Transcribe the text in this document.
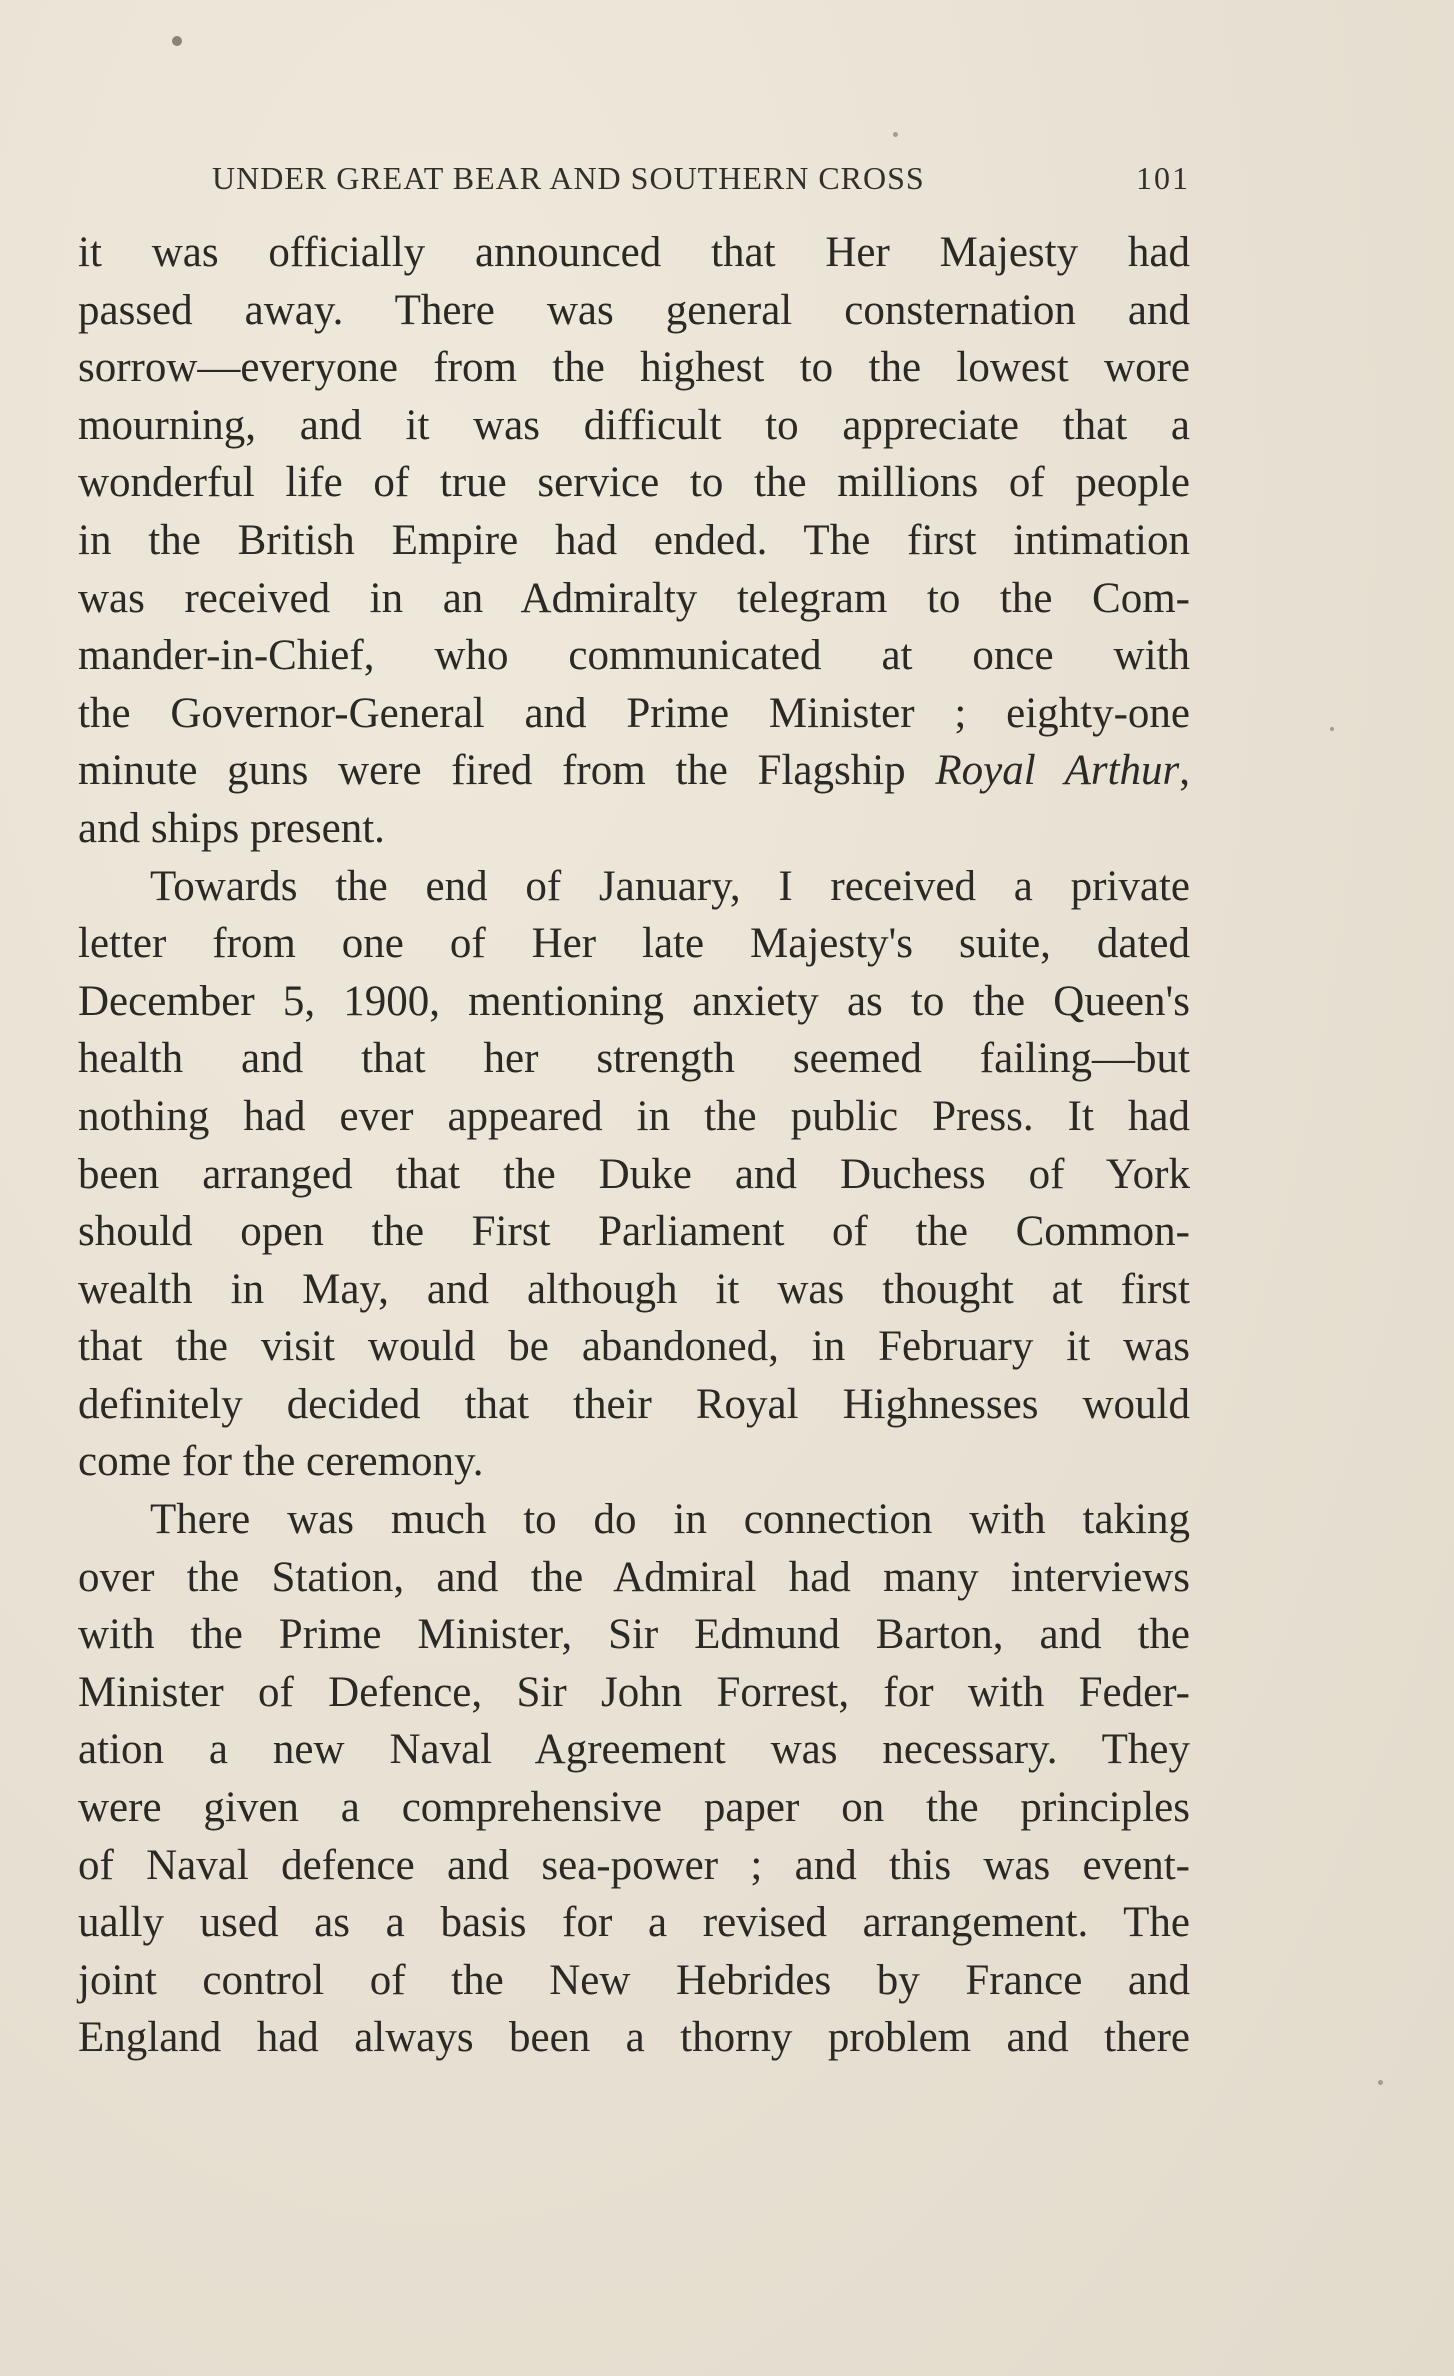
UNDER GREAT BEAR AND SOUTHERN CROSS	101

it was officially announced that Her Majesty had
passed away. There was general consternation and
sorrow—everyone from the highest to the lowest wore
mourning, and it was difficult to appreciate that a
wonderful life of true service to the millions of people
in the British Empire had ended. The first intimation
was received in an Admiralty telegram to the Com-
mander-in-Chief, who communicated at once with
the Governor-General and Prime Minister ; eighty-one
minute guns were fired from the Flagship Royal Arthur,
and ships present.

Towards the end of January, I received a private
letter from one of Her late Majesty's suite, dated
December 5, 1900, mentioning anxiety as to the Queen's
health and that her strength seemed failing—but
nothing had ever appeared in the public Press. It had
been arranged that the Duke and Duchess of York
should open the First Parliament of the Common-
wealth in May, and although it was thought at first
that the visit would be abandoned, in February it was
definitely decided that their Royal Highnesses would
come for the ceremony.

There was much to do in connection with taking
over the Station, and the Admiral had many interviews
with the Prime Minister, Sir Edmund Barton, and the
Minister of Defence, Sir John Forrest, for with Feder-
ation a new Naval Agreement was necessary. They
were given a comprehensive paper on the principles
of Naval defence and sea-power ; and this was event-
ually used as a basis for a revised arrangement. The
joint control of the New Hebrides by France and
England had always been a thorny problem and there
